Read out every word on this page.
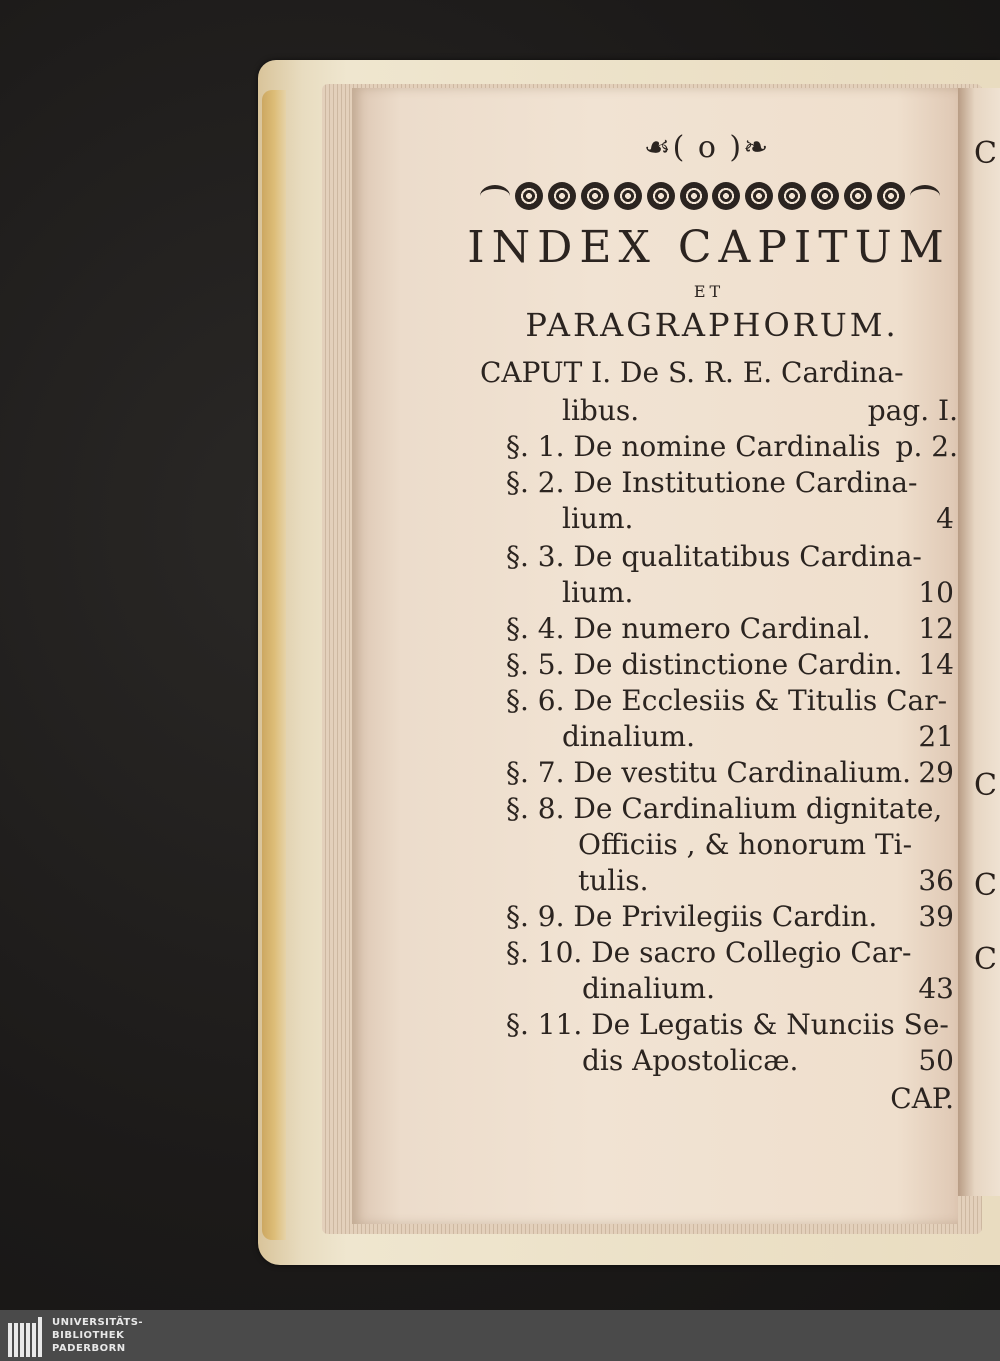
C
C
C
C
☙( o )❧
INDEX CAPITUM
ET
PARAGRAPHORUM.
CAPUT I. De S. R. E. Cardina-
libus.	pag. I.
§. 1. De nomine Cardinalis p. 2.
§. 2. De Institutione Cardina-
lium.	4
§. 3. De qualitatibus Cardina-
lium.	10
§. 4. De numero Cardinal. 12
§. 5. De distinctione Cardin. 14
§. 6. De Ecclesiis & Titulis Car-
dinalium.	21
§. 7. De vestitu Cardinalium. 29
§. 8. De Cardinalium dignitate,
Officiis , & honorum Ti-
tulis.	36
§. 9. De Privilegiis Cardin. 39
§. 10. De sacro Collegio Car-
dinalium.	43
§. 11. De Legatis & Nunciis Se-
dis Apostolicæ.	50
CAP.
UNIVERSITÄTS-
BIBLIOTHEK
PADERBORN
